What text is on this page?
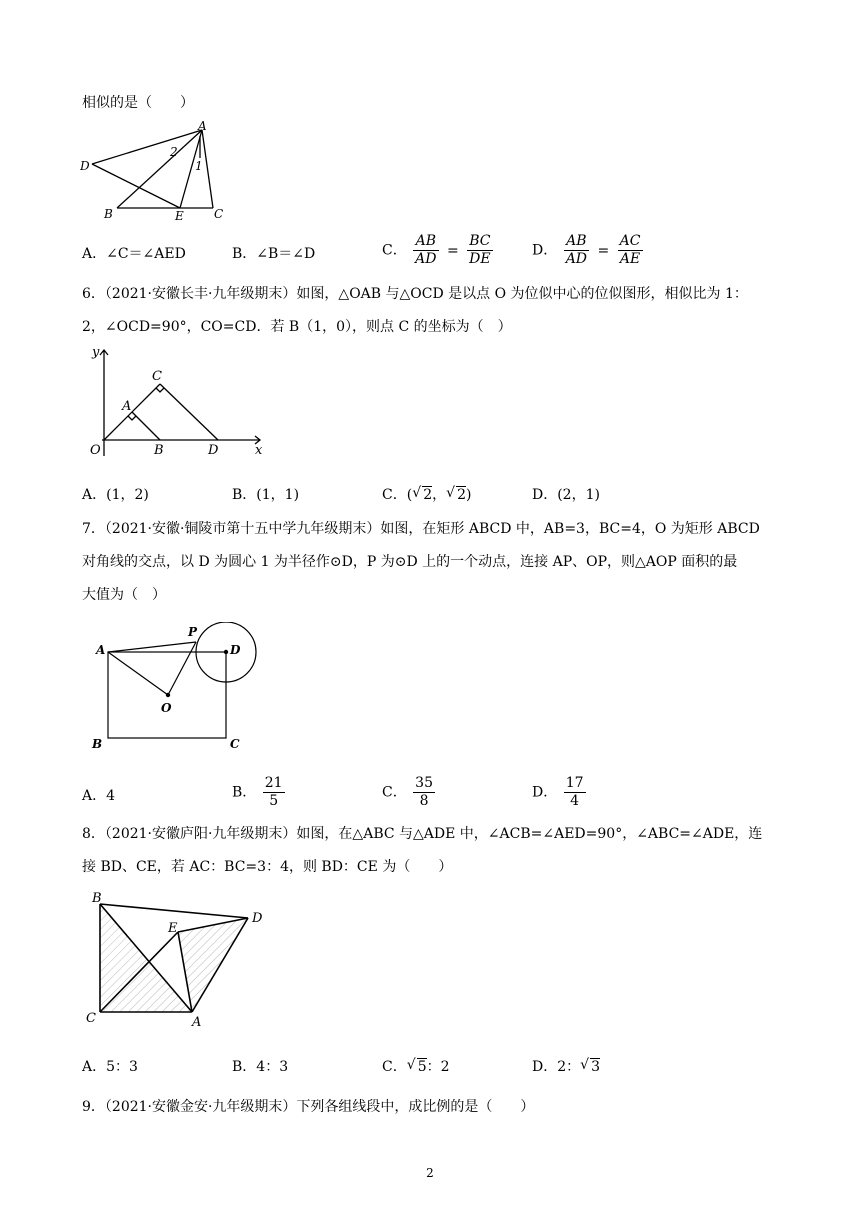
相似的是（　　）
A
D
B	E	C
2
1
A．∠C＝∠AED	B．∠B＝∠D	C． $\frac{AB}{AD} = \frac{BC}{DE}$	D． $\frac{AB}{AD} = \frac{AC}{AE}$
6．（2021·安徽长丰·九年级期末）如图，△OAB 与△OCD 是以点 O 为位似中心的位似图形，相似比为 1：
2，∠OCD=90°，CO=CD．若 B（1，0），则点 C 的坐标为（　）
y
x
O
A
B
C
D
A．(1，2)	B．(1，1)	C．( √ 2， √ 2)	D．(2，1)
7．（2021·安徽·铜陵市第十五中学九年级期末）如图，在矩形 ABCD 中，AB=3，BC=4，O 为矩形 ABCD
对角线的交点，以 D 为圆心 1 为半径作⊙D，P 为⊙D 上的一个动点，连接 AP、OP，则△AOP 面积的最
大值为（　）
A
P
D
O
B	C
A．4	B． $\frac{21}{5}$	C． $\frac{35}{8}$	D． $\frac{17}{4}$
8．（2021·安徽庐阳·九年级期末）如图，在△ABC 与△ADE 中，∠ACB=∠AED=90°，∠ABC=∠ADE，连
接 BD、CE，若 AC：BC=3：4，则 BD：CE 为（　　）
B
D
E
C	A
A．5：3	B．4：3	C． √ 5：2	D．2： √ 3
9．（2021·安徽金安·九年级期末）下列各组线段中，成比例的是（　　）
2
